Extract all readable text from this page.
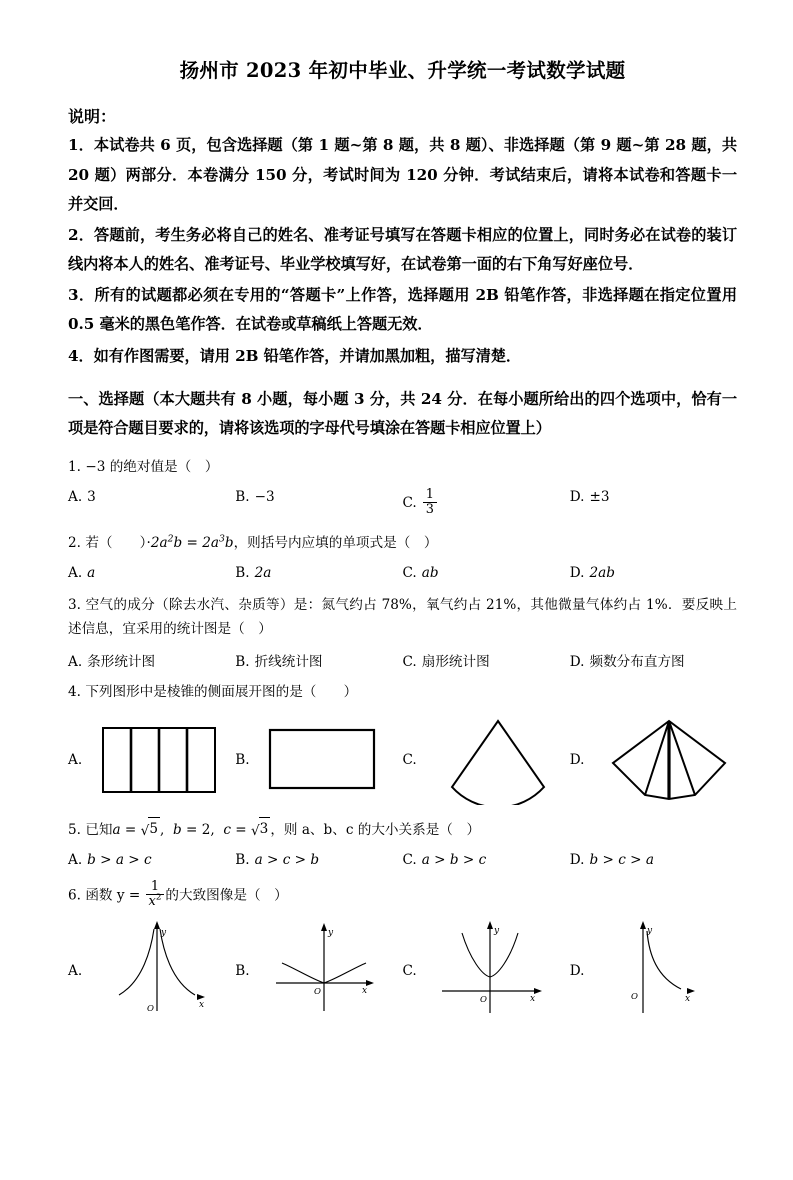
扬州市 2023 年初中毕业、升学统一考试数学试题
说明：
1．本试卷共 6 页，包含选择题（第 1 题~第 8 题，共 8 题）、非选择题（第 9 题~第 28 题，共 20 题）两部分．本卷满分 150 分，考试时间为 120 分钟．考试结束后，请将本试卷和答题卡一并交回．
2．答题前，考生务必将自己的姓名、准考证号填写在答题卡相应的位置上，同时务必在试卷的装订线内将本人的姓名、准考证号、毕业学校填写好，在试卷第一面的右下角写好座位号．
3．所有的试题都必须在专用的“答题卡”上作答，选择题用 2B 铅笔作答，非选择题在指定位置用 0.5 毫米的黑色笔作答．在试卷或草稿纸上答题无效．
4．如有作图需要，请用 2B 铅笔作答，并请加黑加粗，描写清楚．
一、选择题（本大题共有 8 小题，每小题 3 分，共 24 分．在每小题所给出的四个选项中，恰有一项是符合题目要求的，请将该选项的字母代号填涂在答题卡相应位置上）
1. −3 的绝对值是（　）
A. 3	B. −3	C. $\frac{1}{3}$	D. ±3
2. 若（　　）$\cdot 2a^2b = 2a^3b$，则括号内应填的单项式是（　）
A. a	B. 2a	C. ab	D. 2ab
3. 空气的成分（除去水汽、杂质等）是：氮气约占 78%，氧气约占 21%，其他微量气体约占 1%．要反映上述信息，宜采用的统计图是（　）
A. 条形统计图	B. 折线统计图	C. 扇形统计图	D. 频数分布直方图
4. 下列图形中是棱锥的侧面展开图的是（　　）
A.	B.	C.	D.
5. 已知a = √5 ,  b = 2,  c = √3 ，则 a、b、c 的大小关系是（　）
A. b > a > c	B. a > c > b	C. a > b > c	D. b > c > a
6. 函数 $y = \frac{1}{x^2}$ 的大致图像是（　）
A.
y
O	x
B.
y
O	x
C.
y
O	x
D.
y
O	x
